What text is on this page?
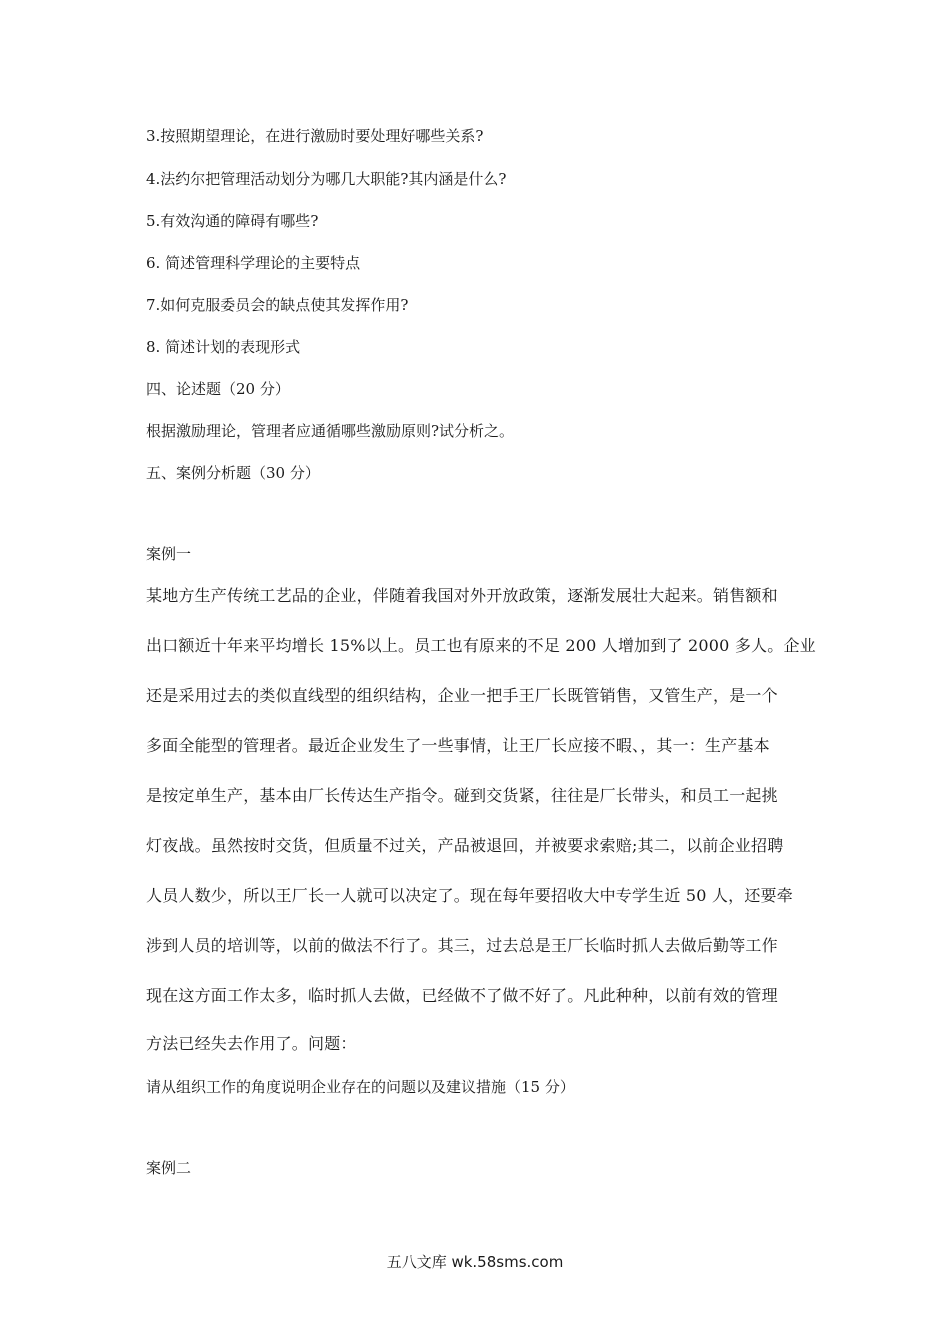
3.按照期望理论，在进行激励时要处理好哪些关系?
4.法约尔把管理活动划分为哪几大职能?其内涵是什么?
5.有效沟通的障碍有哪些?
6. 简述管理科学理论的主要特点
7.如何克服委员会的缺点使其发挥作用?
8. 简述计划的表现形式
四、论述题（20 分）
根据激励理论，管理者应通循哪些激励原则?试分析之。
五、案例分析题（30 分）
案例一
某地方生产传统工艺品的企业，伴随着我国对外开放政策，逐渐发展壮大起来。销售额和
出口额近十年来平均增长 15%以上。员工也有原来的不足 200 人增加到了 2000 多人。企业
还是采用过去的类似直线型的组织结构，企业一把手王厂长既管销售，又管生产，是一个
多面全能型的管理者。最近企业发生了一些事情，让王厂长应接不暇、，其一：生产基本
是按定单生产，基本由厂长传达生产指令。碰到交货紧，往往是厂长带头，和员工一起挑
灯夜战。虽然按时交货，但质量不过关，产品被退回，并被要求索赔;其二，以前企业招聘
人员人数少，所以王厂长一人就可以决定了。现在每年要招收大中专学生近 50 人，还要牵
涉到人员的培训等，以前的做法不行了。其三，过去总是王厂长临时抓人去做后勤等工作
现在这方面工作太多，临时抓人去做，已经做不了做不好了。凡此种种，以前有效的管理
方法已经失去作用了。问题：
请从组织工作的角度说明企业存在的问题以及建议措施（15 分）
案例二
五八文库 wk.58sms.com
